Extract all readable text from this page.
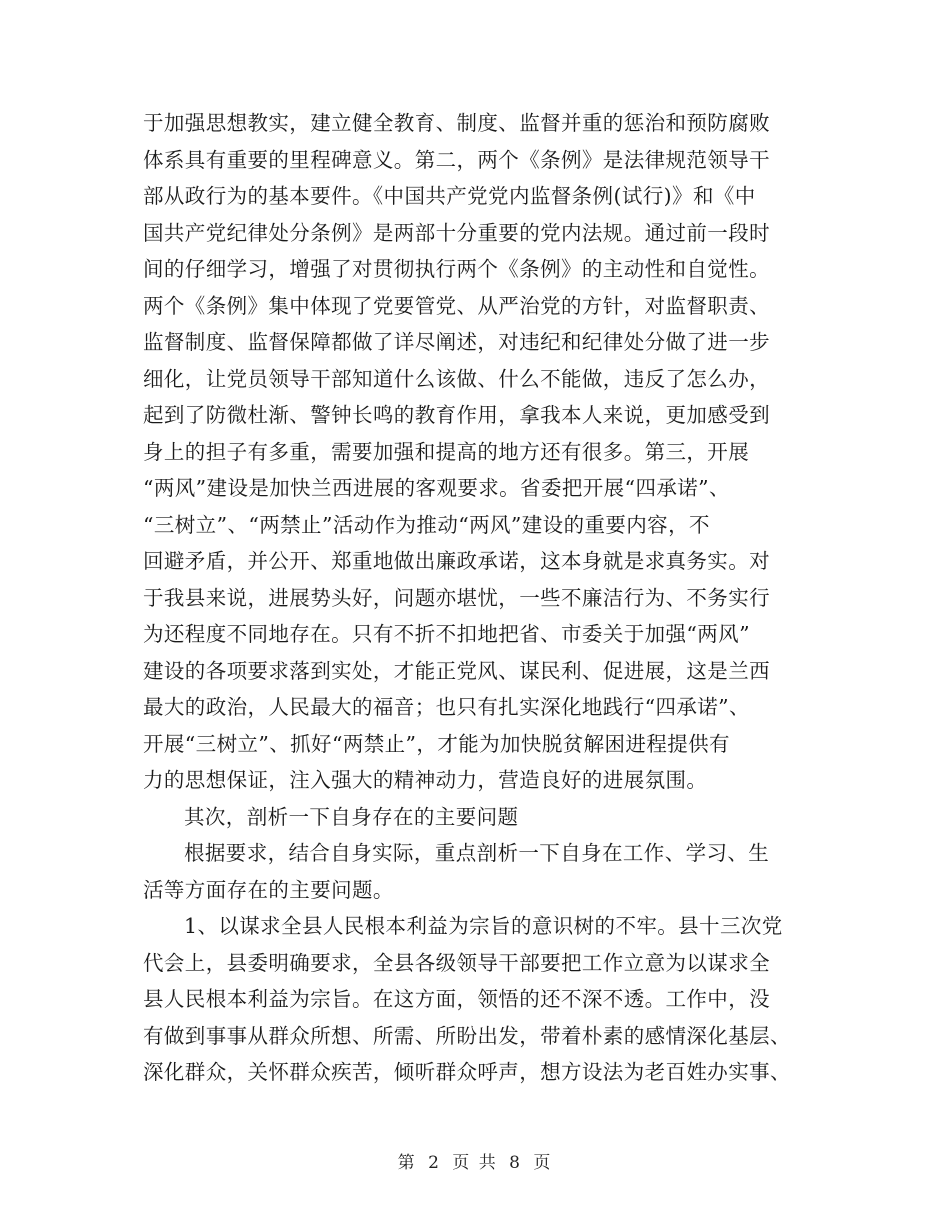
于加强思想教实，建立健全教育、制度、监督并重的惩治和预防腐败
体系具有重要的里程碑意义。第二，两个《条例》是法律规范领导干
部从政行为的基本要件。《中国共产党党内监督条例(试行)》和《中
国共产党纪律处分条例》是两部十分重要的党内法规。通过前一段时
间的仔细学习，增强了对贯彻执行两个《条例》的主动性和自觉性。
两个《条例》集中体现了党要管党、从严治党的方针，对监督职责、
监督制度、监督保障都做了详尽阐述，对违纪和纪律处分做了进一步
细化，让党员领导干部知道什么该做、什么不能做，违反了怎么办，
起到了防微杜渐、警钟长鸣的教育作用，拿我本人来说，更加感受到
身上的担子有多重，需要加强和提高的地方还有很多。第三，开展
“两风”建设是加快兰西进展的客观要求。省委把开展“四承诺”、
“三树立”、“两禁止”活动作为推动“两风”建设的重要内容，不
回避矛盾，并公开、郑重地做出廉政承诺，这本身就是求真务实。对
于我县来说，进展势头好，问题亦堪忧，一些不廉洁行为、不务实行
为还程度不同地存在。只有不折不扣地把省、市委关于加强“两风”
建设的各项要求落到实处，才能正党风、谋民利、促进展，这是兰西
最大的政治，人民最大的福音；也只有扎实深化地践行“四承诺”、
开展“三树立”、抓好“两禁止”，才能为加快脱贫解困进程提供有
力的思想保证，注入强大的精神动力，营造良好的进展氛围。
其次，剖析一下自身存在的主要问题
根据要求，结合自身实际，重点剖析一下自身在工作、学习、生
活等方面存在的主要问题。
1、以谋求全县人民根本利益为宗旨的意识树的不牢。县十三次党
代会上，县委明确要求，全县各级领导干部要把工作立意为以谋求全
县人民根本利益为宗旨。在这方面，领悟的还不深不透。工作中，没
有做到事事从群众所想、所需、所盼出发，带着朴素的感情深化基层、
深化群众，关怀群众疾苦，倾听群众呼声，想方设法为老百姓办实事、
第 2 页 共 8 页
